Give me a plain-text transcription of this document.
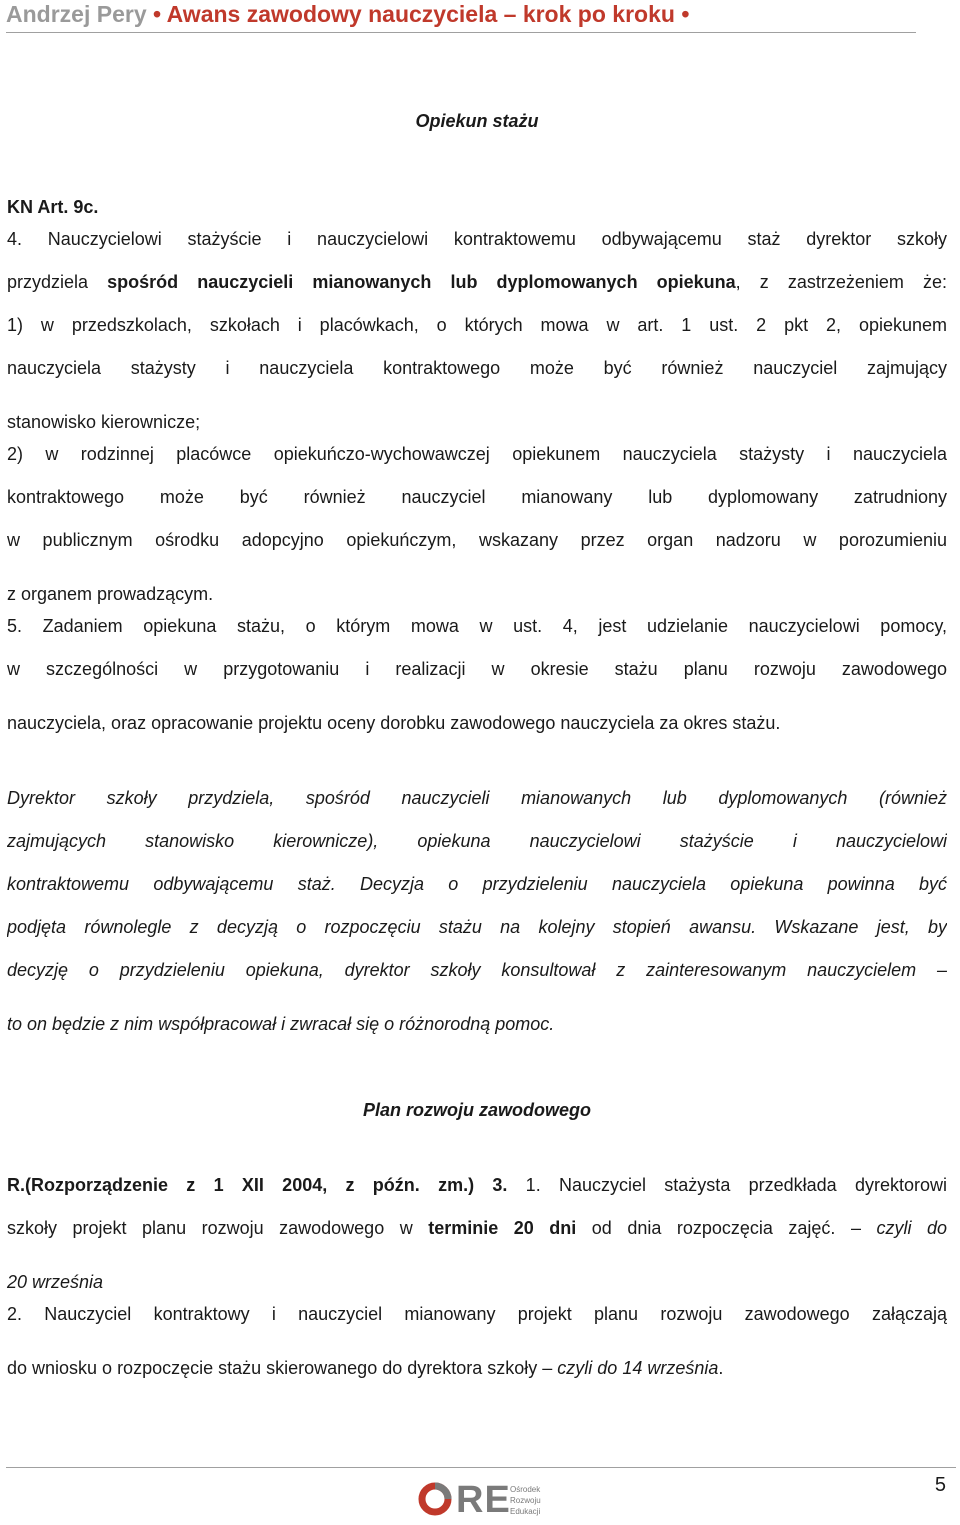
Andrzej Pery • Awans zawodowy nauczyciela – krok po kroku •
Opiekun stażu
KN Art. 9c.
4. Nauczycielowi stażyście i nauczycielowi kontraktowemu odbywającemu staż dyrektor szkoły
przydziela spośród nauczycieli mianowanych lub dyplomowanych opiekuna, z zastrzeżeniem że:
1) w przedszkolach, szkołach i placówkach, o których mowa w art. 1 ust. 2 pkt 2, opiekunem
nauczyciela stażysty i nauczyciela kontraktowego może być również nauczyciel zajmujący
stanowisko kierownicze;
2) w rodzinnej placówce opiekuńczo-wychowawczej opiekunem nauczyciela stażysty i nauczyciela
kontraktowego może być również nauczyciel mianowany lub dyplomowany zatrudniony
w publicznym ośrodku adopcyjno opiekuńczym, wskazany przez organ nadzoru w porozumieniu
z organem prowadzącym.
5. Zadaniem opiekuna stażu, o którym mowa w ust. 4, jest udzielanie nauczycielowi pomocy,
w szczególności w przygotowaniu i realizacji w okresie stażu planu rozwoju zawodowego
nauczyciela, oraz opracowanie projektu oceny dorobku zawodowego nauczyciela za okres stażu.
Dyrektor szkoły przydziela, spośród nauczycieli mianowanych lub dyplomowanych (również
zajmujących stanowisko kierownicze), opiekuna nauczycielowi stażyście i nauczycielowi
kontraktowemu odbywającemu staż. Decyzja o przydzieleniu nauczyciela opiekuna powinna być
podjęta równolegle z decyzją o rozpoczęciu stażu na kolejny stopień awansu. Wskazane jest, by
decyzję o przydzieleniu opiekuna, dyrektor szkoły konsultował z zainteresowanym nauczycielem –
to on będzie z nim współpracował i zwracał się o różnorodną pomoc.
Plan rozwoju zawodowego
R.(Rozporządzenie z 1 XII 2004, z późn. zm.) 3. 1. Nauczyciel stażysta przedkłada dyrektorowi
szkoły projekt planu rozwoju zawodowego w terminie 20 dni od dnia rozpoczęcia zajęć. – czyli do
20 września
2. Nauczyciel kontraktowy i nauczyciel mianowany projekt planu rozwoju zawodowego załączają
do wniosku o rozpoczęcie stażu skierowanego do dyrektora szkoły – czyli do 14 września.
RE Ośrodek
Rozwoju
Edukacji
5
